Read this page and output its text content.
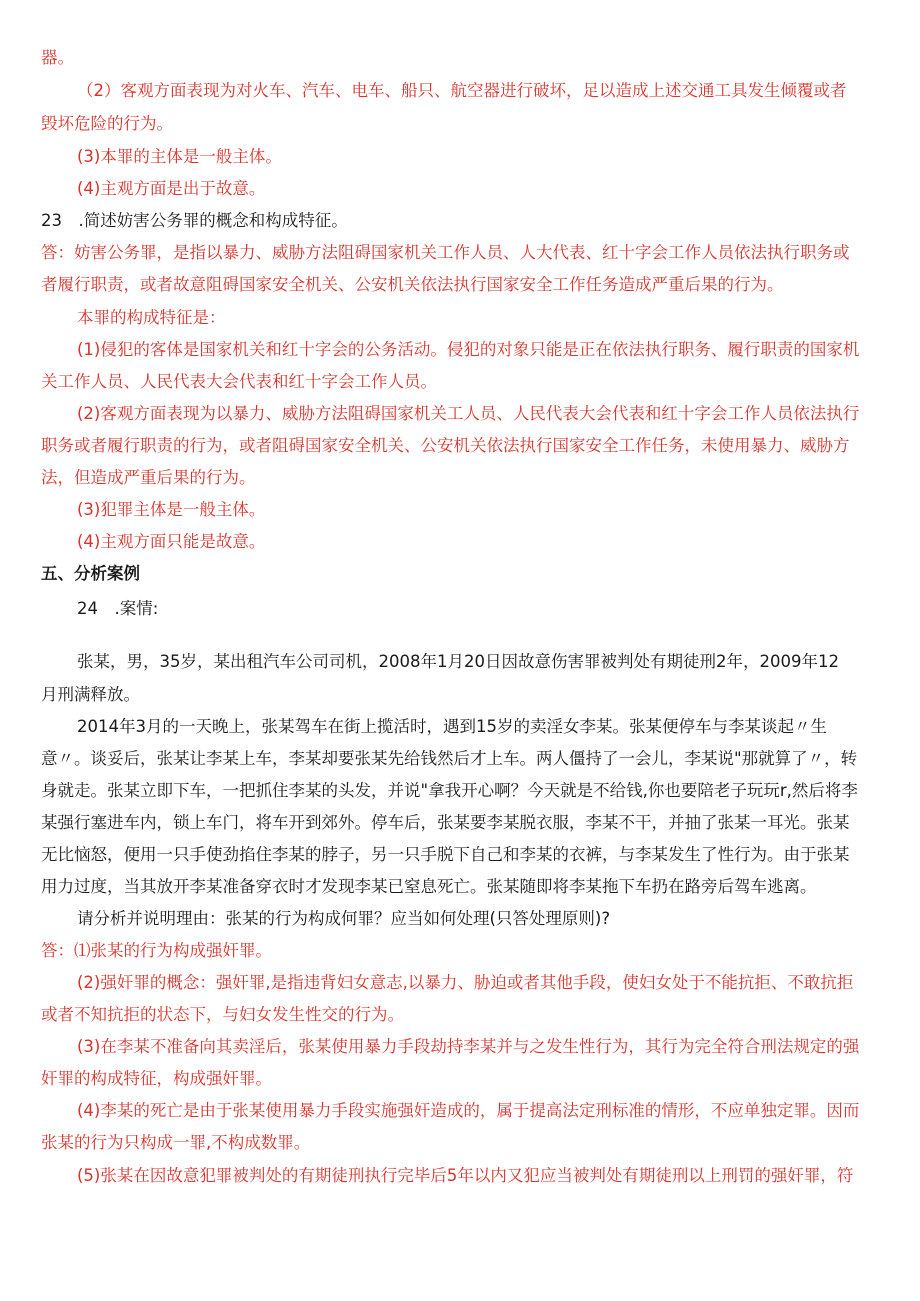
器。
（2）客观方面表现为对火车、汽车、电车、船只、航空器进行破坏，足以造成上述交通工具发生倾覆或者
毁坏危险的行为。
(3)本罪的主体是一般主体。
(4)主观方面是出于故意。
23　.简述妨害公务罪的概念和构成特征。
答：妨害公务罪，是指以暴力、威胁方法阻碍国家机关工作人员、人大代表、红十字会工作人员依法执行职务或
者履行职责，或者故意阻碍国家安全机关、公安机关依法执行国家安全工作任务造成严重后果的行为。
本罪的构成特征是：
(1)侵犯的客体是国家机关和红十字会的公务活动。侵犯的对象只能是正在依法执行职务、履行职责的国家机
关工作人员、人民代表大会代表和红十字会工作人员。
(2)客观方面表现为以暴力、威胁方法阻碍国家机关工人员、人民代表大会代表和红十字会工作人员依法执行
职务或者履行职责的行为，或者阻碍国家安全机关、公安机关依法执行国家安全工作任务，未使用暴力、威胁方
法，但造成严重后果的行为。
(3)犯罪主体是一般主体。
(4)主观方面只能是故意。
五、分析案例
24　.案情:
张某，男，35岁，某出租汽车公司司机，2008年1月20日因故意伤害罪被判处有期徒刑2年，2009年12
月刑满释放。
2014年3月的一天晚上，张某驾车在街上揽活时，遇到15岁的卖淫女李某。张某便停车与李某谈起〃生
意〃。谈妥后，张某让李某上车，李某却要张某先给钱然后才上车。两人僵持了一会儿，李某说"那就算了〃，转
身就走。张某立即下车，一把抓住李某的头发，并说"拿我开心啊？今天就是不给钱,你也要陪老子玩玩r,然后将李
某强行塞进车内，锁上车门，将车开到郊外。停车后，张某要李某脱衣服，李某不干，并抽了张某一耳光。张某
无比恼怒，便用一只手使劲掐住李某的脖子，另一只手脱下自己和李某的衣裤，与李某发生了性行为。由于张某
用力过度，当其放开李某准备穿衣时才发现李某已窒息死亡。张某随即将李某拖下车扔在路旁后驾车逃离。
请分析并说明理由：张某的行为构成何罪？应当如何处理(只答处理原则)?
答：⑴张某的行为构成强奸罪。
(2)强奸罪的概念：强奸罪,是指违背妇女意志,以暴力、胁迫或者其他手段，使妇女处于不能抗拒、不敢抗拒
或者不知抗拒的状态下，与妇女发生性交的行为。
(3)在李某不准备向其卖淫后，张某使用暴力手段劫持李某并与之发生性行为，其行为完全符合刑法规定的强
奸罪的构成特征，构成强奸罪。
(4)李某的死亡是由于张某使用暴力手段实施强奸造成的，属于提高法定刑标准的情形，不应单独定罪。因而
张某的行为只构成一罪,不构成数罪。
(5)张某在因故意犯罪被判处的有期徒刑执行完毕后5年以内又犯应当被判处有期徒刑以上刑罚的强奸罪，符
